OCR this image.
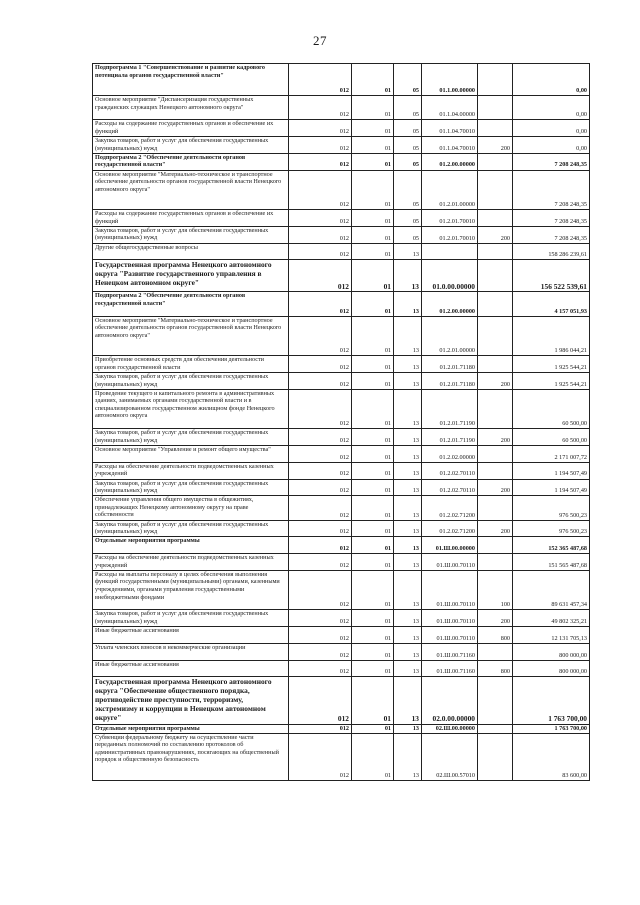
27
Подпрограмма 1 "Совершенствование и развитие кадрового потенциала органов государственной власти"	012	01	05	01.1.00.00000		0,00
Основное мероприятие "Диспансеризация государственных гражданских служащих Ненецкого автономного округа"	012	01	05	01.1.04.00000		0,00
Расходы на содержание государственных органов и обеспечение их функций	012	01	05	01.1.04.70010		0,00
Закупка товаров, работ и услуг для обеспечения государственных (муниципальных) нужд	012	01	05	01.1.04.70010	200	0,00
Подпрограмма 2 "Обеспечение деятельности органов государственной власти"	012	01	05	01.2.00.00000		7 208 248,35
Основное мероприятие "Материально-техническое и транспортное обеспечение деятельности органов государственной власти Ненецкого автономного округа"	012	01	05	01.2.01.00000		7 208 248,35
Расходы на содержание государственных органов и обеспечение их функций	012	01	05	01.2.01.70010		7 208 248,35
Закупка товаров, работ и услуг для обеспечения государственных (муниципальных) нужд	012	01	05	01.2.01.70010	200	7 208 248,35
Другие общегосударственные вопросы	012	01	13			158 286 239,61
Государственная программа Ненецкого автономного округа "Развитие государственного управления в Ненецком автономном округе"	012	01	13	01.0.00.00000		156 522 539,61
Подпрограмма 2 "Обеспечение деятельности органов государственной власти"	012	01	13	01.2.00.00000		4 157 051,93
Основное мероприятие "Материально-техническое и транспортное обеспечение деятельности органов государственной власти Ненецкого автономного округа"	012	01	13	01.2.01.00000		1 986 044,21
Приобретение основных средств для обеспечения деятельности органов государственной власти	012	01	13	01.2.01.71180		1 925 544,21
Закупка товаров, работ и услуг для обеспечения государственных (муниципальных) нужд	012	01	13	01.2.01.71180	200	1 925 544,21
Проведение текущего и капитального ремонта в административных зданиях, занимаемых органами государственной власти и в специализированном государственном жилищном фонде Ненецкого автономного округа	012	01	13	01.2.01.71190		60 500,00
Закупка товаров, работ и услуг для обеспечения государственных (муниципальных) нужд	012	01	13	01.2.01.71190	200	60 500,00
Основное мероприятие "Управление и ремонт общего имущества"	012	01	13	01.2.02.00000		2 171 007,72
Расходы на обеспечение деятельности подведомственных казенных учреждений	012	01	13	01.2.02.70110		1 194 507,49
Закупка товаров, работ и услуг для обеспечения государственных (муниципальных) нужд	012	01	13	01.2.02.70110	200	1 194 507,49
Обеспечение управления общего имущества в общежитиях, принадлежащих Ненецкому автономному округу на праве собственности	012	01	13	01.2.02.71200		976 500,23
Закупка товаров, работ и услуг для обеспечения государственных (муниципальных) нужд	012	01	13	01.2.02.71200	200	976 500,23
Отдельные мероприятия программы	012	01	13	01.Ш.00.00000		152 365 487,68
Расходы на обеспечение деятельности подведомственных казенных учреждений	012	01	13	01.Ш.00.70110		151 565 487,68
Расходы на выплаты персоналу в целях обеспечения выполнения функций государственными (муниципальными) органами, казенными учреждениями, органами управления государственными внебюджетными фондами	012	01	13	01.Ш.00.70110	100	89 631 457,34
Закупка товаров, работ и услуг для обеспечения государственных (муниципальных) нужд	012	01	13	01.Ш.00.70110	200	49 802 325,21
Иные бюджетные ассигнования	012	01	13	01.Ш.00.70110	800	12 131 705,13
Уплата членских взносов в некоммерческие организации	012	01	13	01.Ш.00.71160		800 000,00
Иные бюджетные ассигнования	012	01	13	01.Ш.00.71160	800	800 000,00
Государственная программа Ненецкого автономного округа "Обеспечение общественного порядка, противодействие преступности, терроризму, экстремизму и коррупции в Ненецком автономном округе"	012	01	13	02.0.00.00000		1 763 700,00
Отдельные мероприятия программы	012	01	13	02.Ш.00.00000		1 763 700,00
Субвенции федеральному бюджету на осуществление части переданных полномочий по составлению протоколов об административных правонарушениях, посягающих на общественный порядок и общественную безопасность	012	01	13	02.Ш.00.57010		83 600,00
